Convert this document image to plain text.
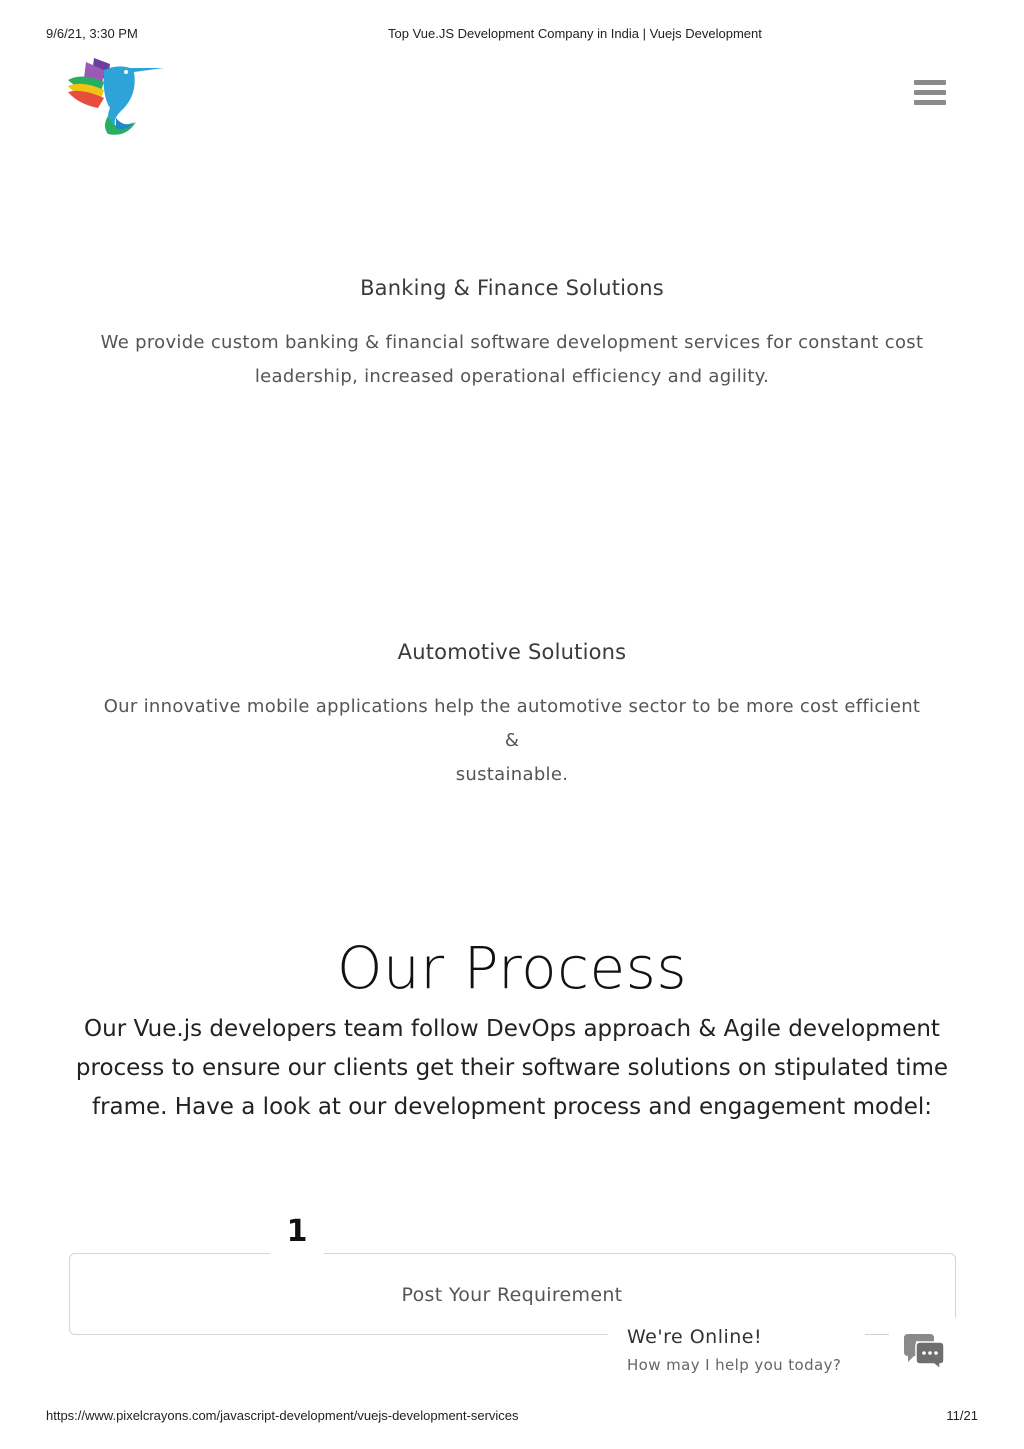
9/6/21, 3:30 PM	Top Vue.JS Development Company in India | Vuejs Development
Banking & Finance Solutions
We provide custom banking & financial software development services for constant cost
leadership, increased operational efficiency and agility.
Automotive Solutions
Our innovative mobile applications help the automotive sector to be more cost efficient &
sustainable.
Our Process
Our Vue.js developers team follow DevOps approach & Agile development
process to ensure our clients get their software solutions on stipulated time
frame. Have a look at our development process and engagement model:
1
Post Your Requirement
We're Online!
How may I help you today?
https://www.pixelcrayons.com/javascript-development/vuejs-development-services	11/21
